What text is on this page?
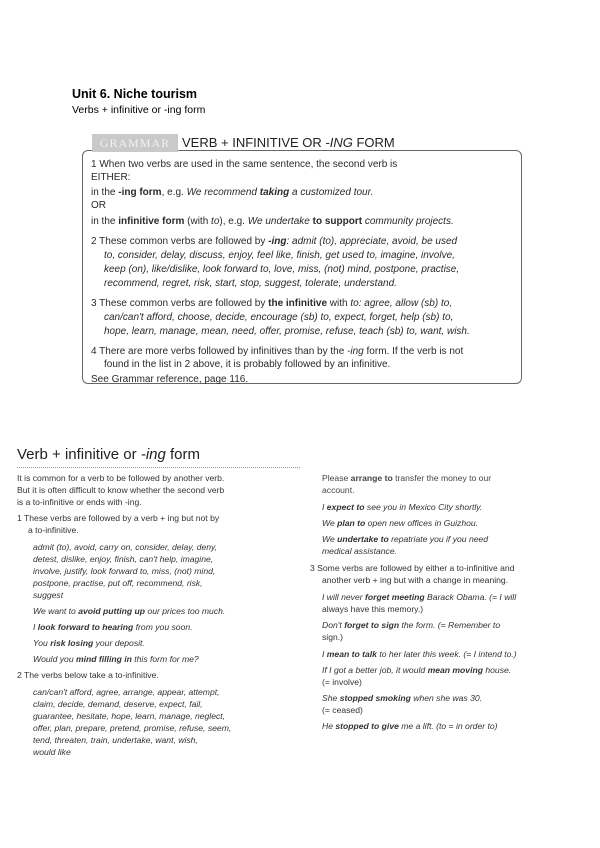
Unit 6. Niche tourism
Verbs + infinitive or -ing form
GRAMMAR VERB + INFINITIVE OR -ING FORM
1 When two verbs are used in the same sentence, the second verb is
EITHER:
in the -ing form, e.g. We recommend taking a customized tour.
OR
in the infinitive form (with to), e.g. We undertake to support community projects.
2 These common verbs are followed by -ing: admit (to), appreciate, avoid, be used
to, consider, delay, discuss, enjoy, feel like, finish, get used to, imagine, involve,
keep (on), like/dislike, look forward to, love, miss, (not) mind, postpone, practise,
recommend, regret, risk, start, stop, suggest, tolerate, understand.
3 These common verbs are followed by the infinitive with to: agree, allow (sb) to,
can/can't afford, choose, decide, encourage (sb) to, expect, forget, help (sb) to,
hope, learn, manage, mean, need, offer, promise, refuse, teach (sb) to, want, wish.
4 There are more verbs followed by infinitives than by the -ing form. If the verb is not
found in the list in 2 above, it is probably followed by an infinitive.
See Grammar reference, page 116.
Verb + infinitive or -ing form
It is common for a verb to be followed by another verb.
But it is often difficult to know whether the second verb
is a to-infinitive or ends with -ing.
1 These verbs are followed by a verb + ing but not by
a to-infinitive.
admit (to), avoid, carry on, consider, delay, deny,
detest, dislike, enjoy, finish, can't help, imagine,
involve, justify, look forward to, miss, (not) mind,
postpone, practise, put off, recommend, risk,
suggest
We want to avoid putting up our prices too much.
I look forward to hearing from you soon.
You risk losing your deposit.
Would you mind filling in this form for me?
2 The verbs below take a to-infinitive.
can/can't afford, agree, arrange, appear, attempt,
claim, decide, demand, deserve, expect, fail,
guarantee, hesitate, hope, learn, manage, neglect,
offer, plan, prepare, pretend, promise, refuse, seem,
tend, threaten, train, undertake, want, wish,
would like
Please arrange to transfer the money to our
account.
I expect to see you in Mexico City shortly.
We plan to open new offices in Guizhou.
We undertake to repatriate you if you need
medical assistance.
3 Some verbs are followed by either a to-infinitive and
another verb + ing but with a change in meaning.
I will never forget meeting Barack Obama. (= I will
always have this memory.)
Don't forget to sign the form. (= Remember to
sign.)
I mean to talk to her later this week. (= I intend to.)
If I got a better job, it would mean moving house.
(= involve)
She stopped smoking when she was 30.
(= ceased)
He stopped to give me a lift. (to = in order to)
